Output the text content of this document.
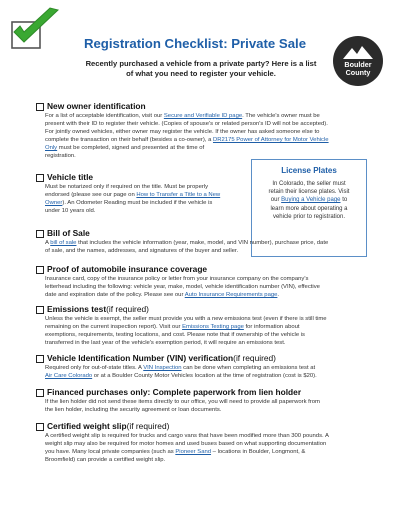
Registration Checklist: Private Sale
Recently purchased a vehicle from a private party? Here is a list
of what you need to register your vehicle.
Boulder
County
New owner identification
For a list of acceptable identification, visit our Secure and Verifiable ID page. The vehicle's owner must be
present with their ID to register their vehicle. (Copies of spouse's or related person's ID will not be accepted).
For jointly owned vehicles, either owner may register the vehicle. If the owner has asked someone else to
complete the transaction on their behalf (besides a co-owner), a DR2175 Power of Attorney for Motor Vehicle
Only must be completed, signed and presented at the time of
registration.
Vehicle title
Must be notarized only if required on the title. Must be properly
endorsed (please see our page on How to Transfer a Title to a New
Owner). An Odometer Reading must be included if the vehicle is
under 10 years old.
License Plates
In Colorado, the seller must
retain their license plates. Visit
our Buying a Vehicle page to
learn more about operating a
vehicle prior to registration.
Bill of Sale
A bill of sale that includes the vehicle information (year, make, model, and VIN number), purchase price, date
of sale, and the names, addresses, and signatures of the buyer and seller.
Proof of automobile insurance coverage
Insurance card, copy of the insurance policy or letter from your insurance company on the company's
letterhead including the following: vehicle year, make, model, vehicle identification number (VIN), effective
date and expiration date of the policy. Please see our Auto Insurance Requirements page.
Emissions test (if required)
Unless the vehicle is exempt, the seller must provide you with a new emissions test (even if there is still time
remaining on the current inspection report). Visit our Emissions Testing page for information about
exemptions, requirements, testing locations, and cost. Please note that if ownership of the vehicle is
transferred in the last year of the vehicle's exemption period, it will require an emissions test.
Vehicle Identification Number (VIN) verification (if required)
Required only for out-of-state titles. A VIN Inspection can be done when completing an emissions test at
Air Care Colorado or at a Boulder County Motor Vehicles location at the time of registration (cost is $20).
Financed purchases only: Complete paperwork from lien holder
If the lien holder did not send these items directly to our office, you will need to provide all paperwork from
the lien holder, including the security agreement or loan documents.
Certified weight slip (if required)
A certified weight slip is required for trucks and cargo vans that have been modified more than 300 pounds. A
weight slip may also be required for motor homes and used buses based on what supporting documentation
you have. Many local private companies (such as Pioneer Sand – locations in Boulder, Longmont, &
Broomfield) can provide a certified weight slip.
